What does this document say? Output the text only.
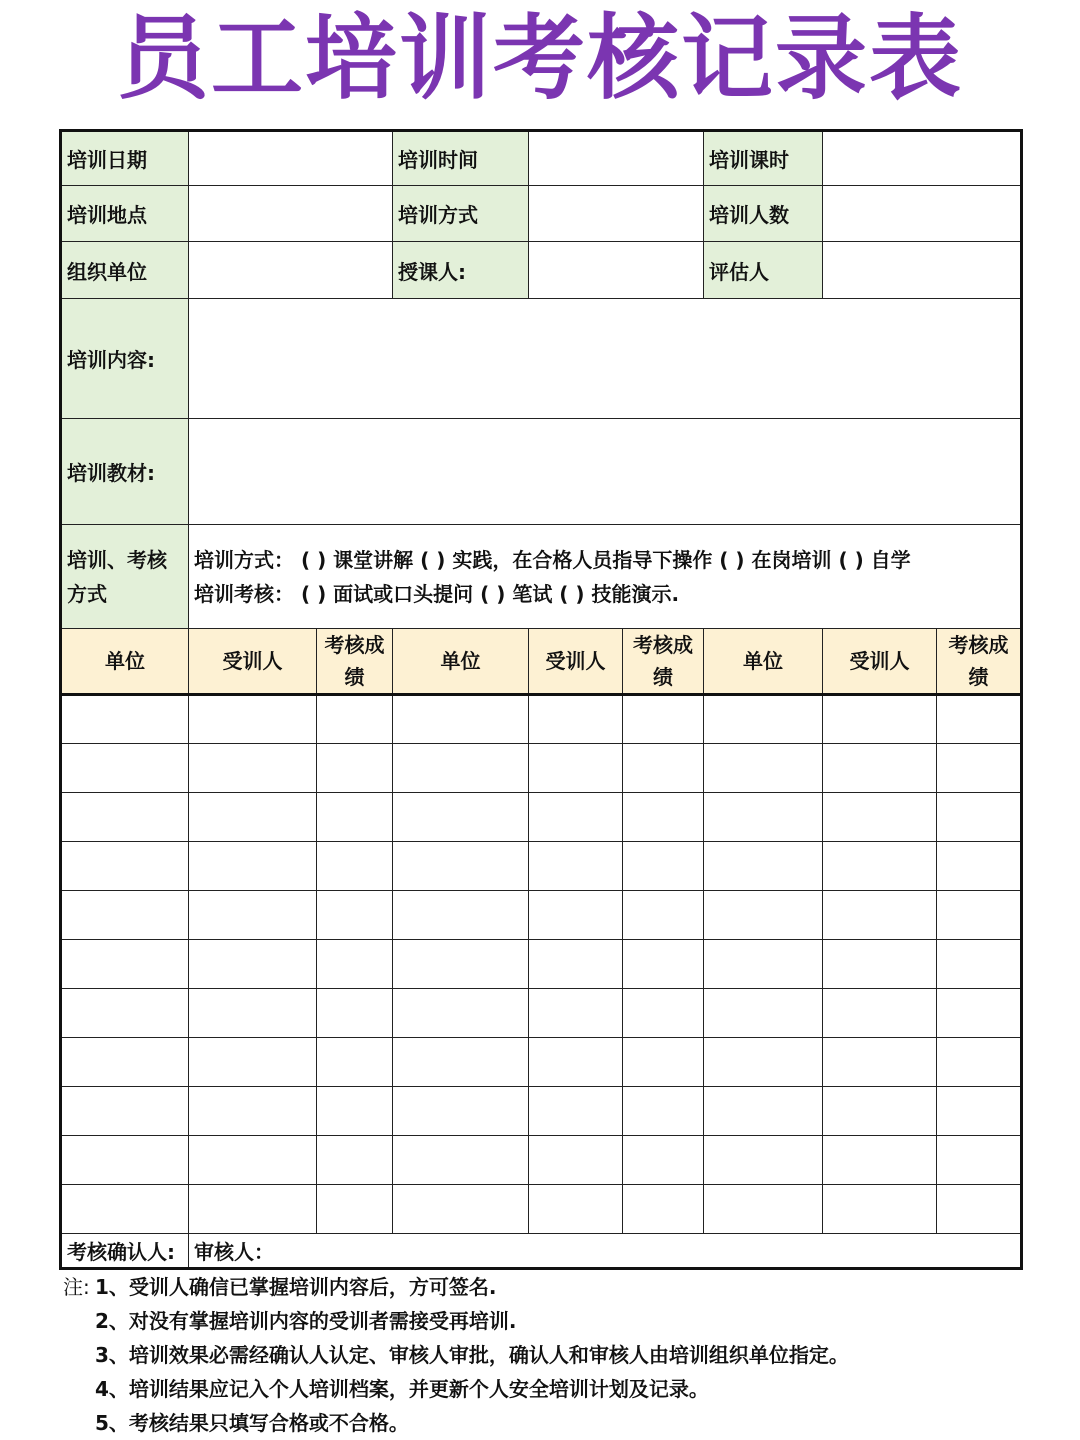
员工培训考核记录表
培训日期			培训时间			培训课时		
培训地点			培训方式			培训人数		
组织单位			授课人:			评估人		
培训内容:								
培训教材:								
培训、考核方式	培训方式： ( ) 课堂讲解 ( ) 实践，在合格人员指导下操作 ( ) 在岗培训 ( ) 自学
培训考核： ( ) 面试或口头提问 ( ) 笔试 ( ) 技能演示.							

单位	受训人	考核成绩	单位	受训人	考核成绩	单位	受训人	考核成绩

考核确认人:	审核人：							
注: 1、受训人确信已掌握培训内容后，方可签名.
2、对没有掌握培训内容的受训者需接受再培训.
3、培训效果必需经确认人认定、审核人审批，确认人和审核人由培训组织单位指定。
4、培训结果应记入个人培训档案，并更新个人安全培训计划及记录。
5、考核结果只填写合格或不合格。
